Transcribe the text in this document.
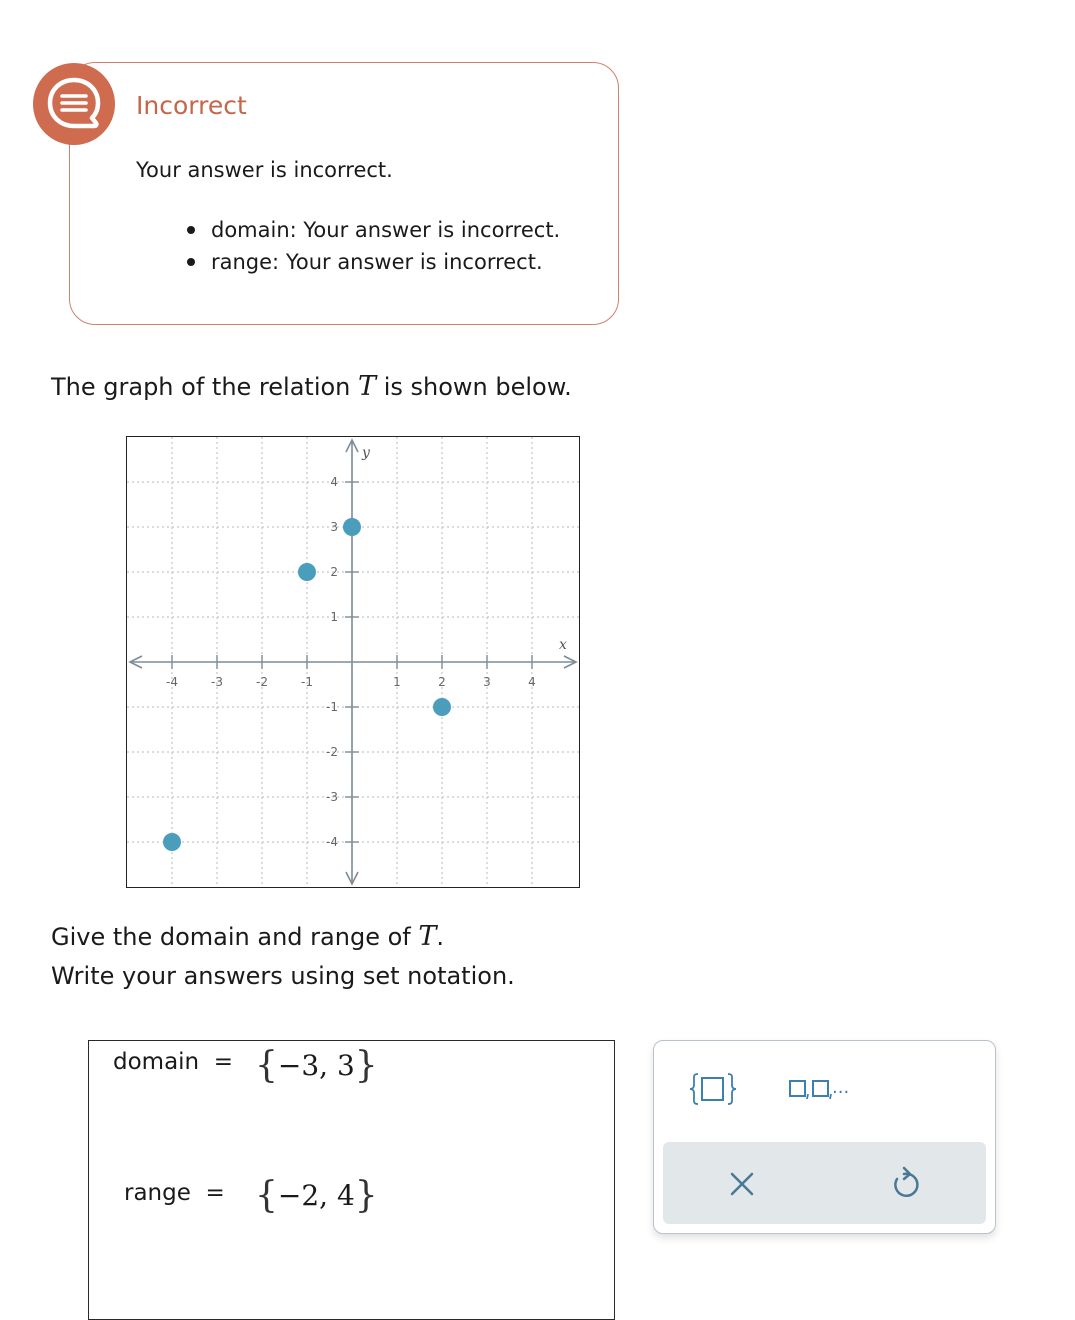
Incorrect
Your answer is incorrect.
domain: Your answer is incorrect.
range: Your answer is incorrect.
The graph of the relation T is shown below.
-4	-3	-2	-1	1	2	3	4
-4
-3
-2
-1
1
2
3
4
x
y
Give the domain and range of T.
Write your answers using set notation.
domain = {−3, 3}
range = {−2, 4}
...
